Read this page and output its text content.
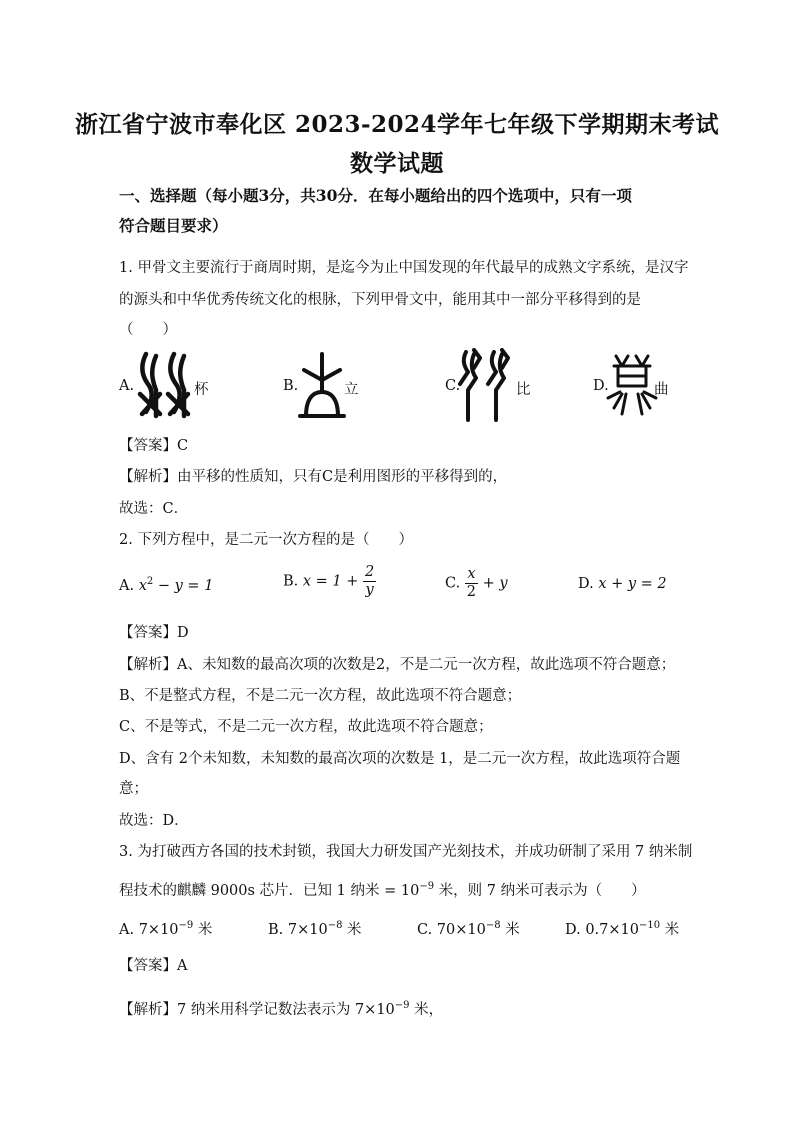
浙江省宁波市奉化区 2023-2024学年七年级下学期期末考试
数学试题
一、选择题（每小题3分，共30分．在每小题给出的四个选项中，只有一项
符合题目要求）
1. 甲骨文主要流行于商周时期，是迄今为止中国发现的年代最早的成熟文字系统，是汉字
的源头和中华优秀传统文化的根脉，下列甲骨文中，能用其中一部分平移得到的是
（　　）
A.	杯	B.	立	C.	比	D.	曲
【答案】C
【解析】由平移的性质知，只有C是利用图形的平移得到的，
故选：C．
2. 下列方程中，是二元一次方程的是（　　）
A. $x^2 - y = 1$	B. $x = 1 + \frac{2}{y}$	C. $\frac{x}{2} + y$	D. x + y = 2
【答案】D
【解析】A、未知数的最高次项的次数是2，不是二元一次方程，故此选项不符合题意；
B、不是整式方程，不是二元一次方程，故此选项不符合题意；
C、不是等式，不是二元一次方程，故此选项不符合题意；
D、含有 2个未知数，未知数的最高次项的次数是 1，是二元一次方程，故此选项符合题
意；
故选：D．
3. 为打破西方各国的技术封锁，我国大力研发国产光刻技术，并成功研制了采用 7 纳米制
程技术的麒麟 9000s 芯片．已知 1 纳米 = $10^{-9}$ 米，则 7 纳米可表示为（　　）
A. $7\times 10^{-9}$ 米	B. $7\times 10^{-8}$ 米	C. $70\times 10^{-8}$ 米	D. $0.7\times 10^{-10}$ 米
【答案】A
【解析】7 纳米用科学记数法表示为 $7\times 10^{-9}$ 米，
